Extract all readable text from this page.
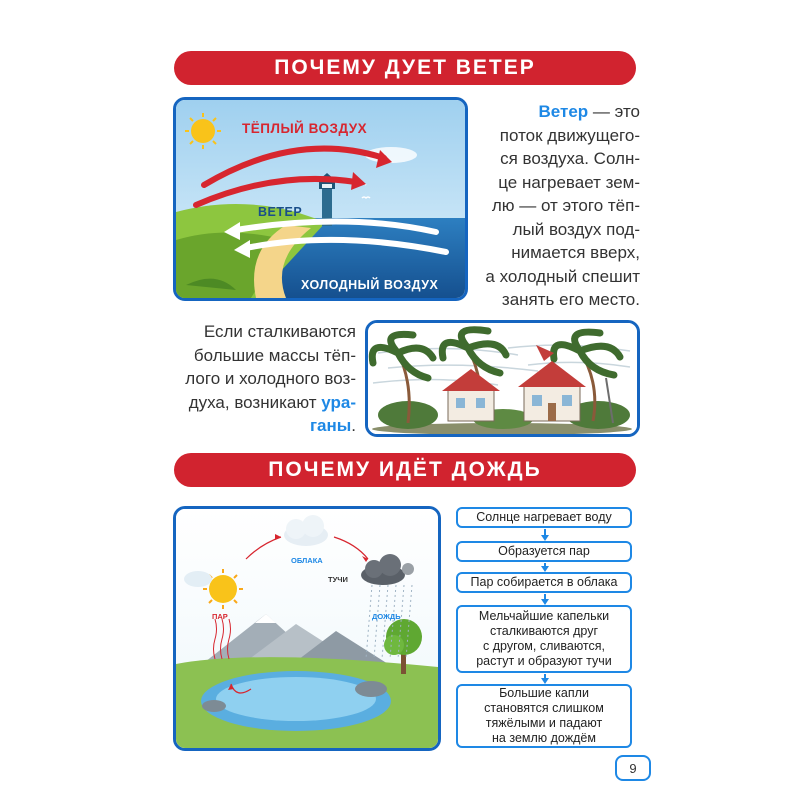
ПОЧЕМУ ДУЕТ ВЕТЕР
ТЁПЛЫЙ ВОЗДУХ
ВЕТЕР
ХОЛОДНЫЙ ВОЗДУХ
Ветер — это
поток движущего-
ся воздуха. Солн-
це нагревает зем-
лю — от этого тёп-
лый воздух под-
нимается вверх,
а холодный спешит
занять его место.
Если сталкиваются
большие массы тёп-
лого и холодного воз-
духа, возникают ура-
ганы.
ПОЧЕМУ ИДЁТ ДОЖДЬ
ОБЛАКА
ТУЧИ
ПАР	ДОЖДЬ
Солнце нагревает воду
Образуется пар
Пар собирается в облака
Мельчайшие капельки
сталкиваются друг
с другом, сливаются,
растут и образуют тучи
Большие капли
становятся слишком
тяжёлыми и падают
на землю дождём
9
